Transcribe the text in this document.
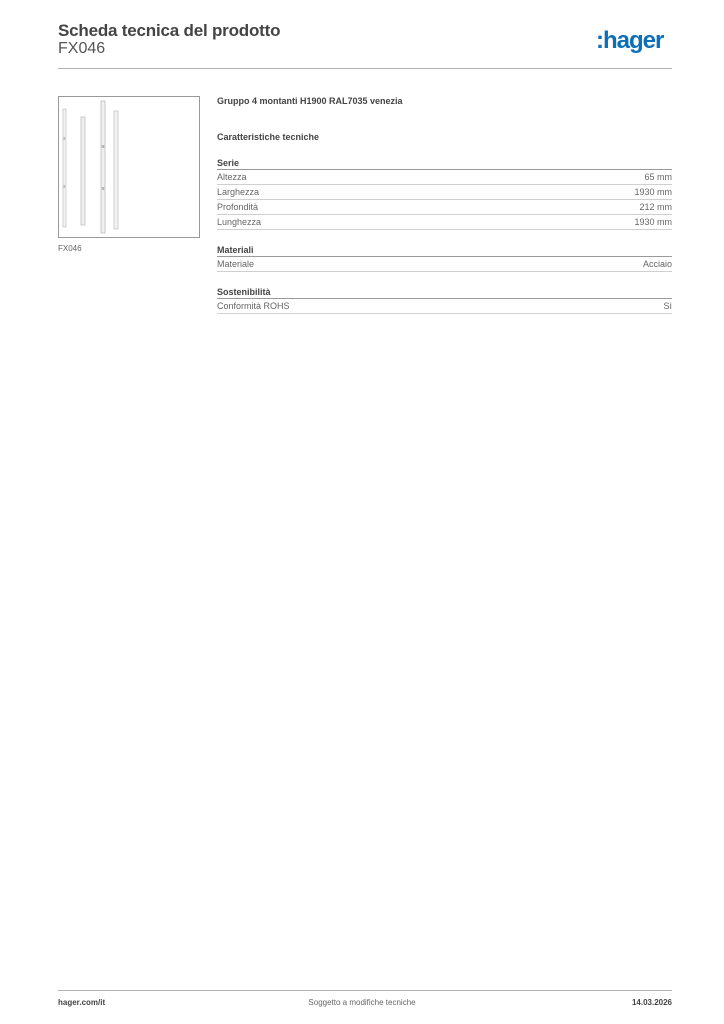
Scheda tecnica del prodotto
FX046	:hager
FX046
Gruppo 4 montanti H1900 RAL7035 venezia
Caratteristiche tecniche
Serie
Altezza	65 mm
Larghezza	1930 mm
Profondità	212 mm
Lunghezza	1930 mm
Materiali
Materiale	Acciaio
Sostenibilità
Conformità ROHS	Sì
hager.com/it	Soggetto a modifiche tecniche	14.03.2026
